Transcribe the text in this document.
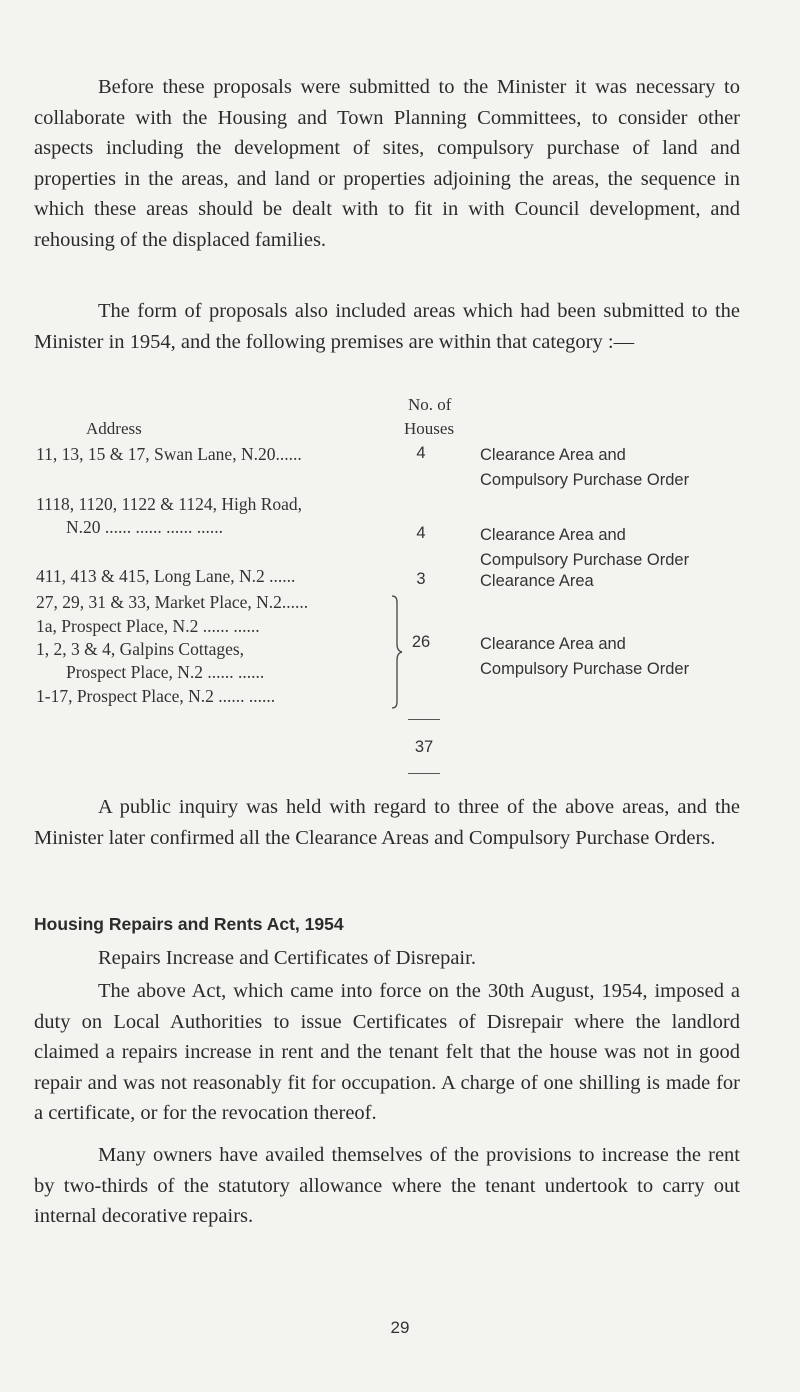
Before these proposals were submitted to the Minister it was necessary to collaborate with the Housing and Town Planning Committees, to consider other aspects including the development of sites, compulsory purchase of land and properties in the areas, and land or properties adjoining the areas, the sequence in which these areas should be dealt with to fit in with Council development, and rehousing of the displaced families.

The form of proposals also included areas which had been submitted to the Minister in 1954, and the following premises are within that category :—

No. of
Address	Houses
11, 13, 15 & 17, Swan Lane, N.20......	4	Clearance Area and
Compulsory Purchase Order
1118, 1120, 1122 & 1124, High Road,
N.20 ...... ...... ...... ......	4	Clearance Area and
Compulsory Purchase Order
411, 413 & 415, Long Lane, N.2 ......	3	Clearance Area
27, 29, 31 & 33, Market Place, N.2......
1a, Prospect Place, N.2 ...... ......
1, 2, 3 & 4, Galpins Cottages,
Prospect Place, N.2 ...... ......
1-17, Prospect Place, N.2 ...... ......
26	Clearance Area and
Compulsory Purchase Order
37

A public inquiry was held with regard to three of the above areas, and the Minister later confirmed all the Clearance Areas and Compulsory Purchase Orders.

Housing Repairs and Rents Act, 1954

Repairs Increase and Certificates of Disrepair.

The above Act, which came into force on the 30th August, 1954, imposed a duty on Local Authorities to issue Certificates of Disrepair where the landlord claimed a repairs increase in rent and the tenant felt that the house was not in good repair and was not reasonably fit for occupation. A charge of one shilling is made for a certificate, or for the revocation thereof.

Many owners have availed themselves of the provisions to increase the rent by two-thirds of the statutory allowance where the tenant undertook to carry out internal decorative repairs.

29
